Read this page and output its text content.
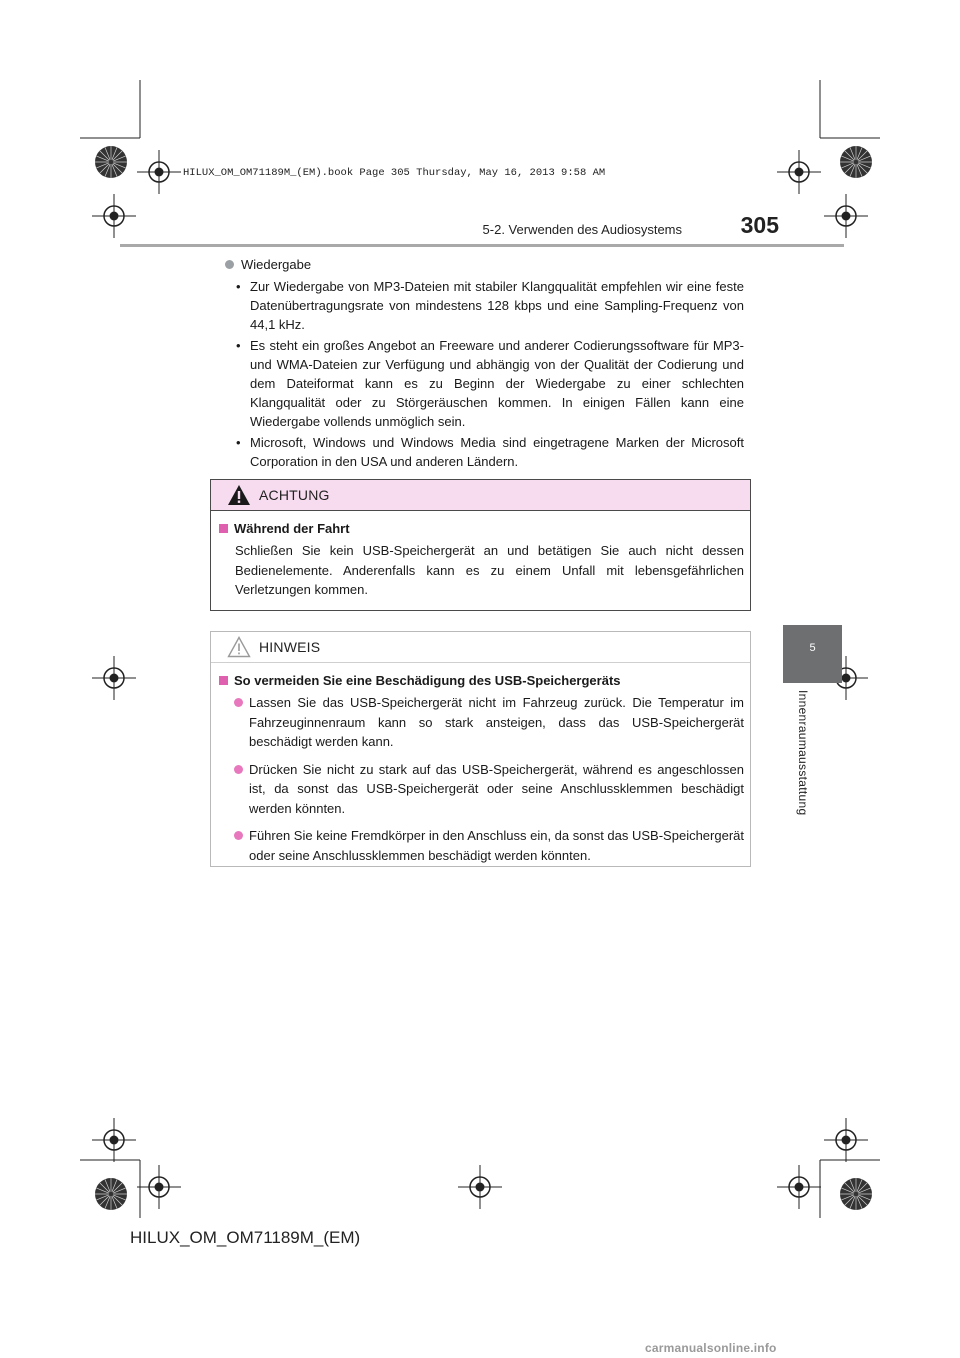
HILUX_OM_OM71189M_(EM).book Page 305 Thursday, May 16, 2013 9:58 AM
305
5-2. Verwenden des Audiosystems
5
Innenraumausstattung
Wiedergabe
• Zur Wiedergabe von MP3-Dateien mit stabiler Klangqualität empfehlen wir eine feste Datenübertragungsrate von mindestens 128 kbps und eine Sampling-Frequenz von 44,1 kHz.
• Es steht ein großes Angebot an Freeware und anderer Codierungssoftware für MP3- und WMA-Dateien zur Verfügung und abhängig von der Qualität der Codierung und dem Dateiformat kann es zu Beginn der Wiedergabe zu einer schlechten Klangqualität oder zu Störgeräuschen kommen. In einigen Fällen kann eine Wiedergabe vollends unmöglich sein.
• Microsoft, Windows und Windows Media sind eingetragene Marken der Microsoft Corporation in den USA und anderen Ländern.
ACHTUNG
Während der Fahrt
Schließen Sie kein USB-Speichergerät an und betätigen Sie auch nicht dessen Bedienelemente. Anderenfalls kann es zu einem Unfall mit lebensgefährlichen Verletzungen kommen.
HINWEIS
So vermeiden Sie eine Beschädigung des USB-Speichergeräts
Lassen Sie das USB-Speichergerät nicht im Fahrzeug zurück. Die Temperatur im Fahrzeuginnenraum kann so stark ansteigen, dass das USB-Speichergerät beschädigt werden kann.
Drücken Sie nicht zu stark auf das USB-Speichergerät, während es angeschlossen ist, da sonst das USB-Speichergerät oder seine Anschlussklemmen beschädigt werden könnten.
Führen Sie keine Fremdkörper in den Anschluss ein, da sonst das USB-Speichergerät oder seine Anschlussklemmen beschädigt werden könnten.
HILUX_OM_OM71189M_(EM)
carmanualsonline.info
